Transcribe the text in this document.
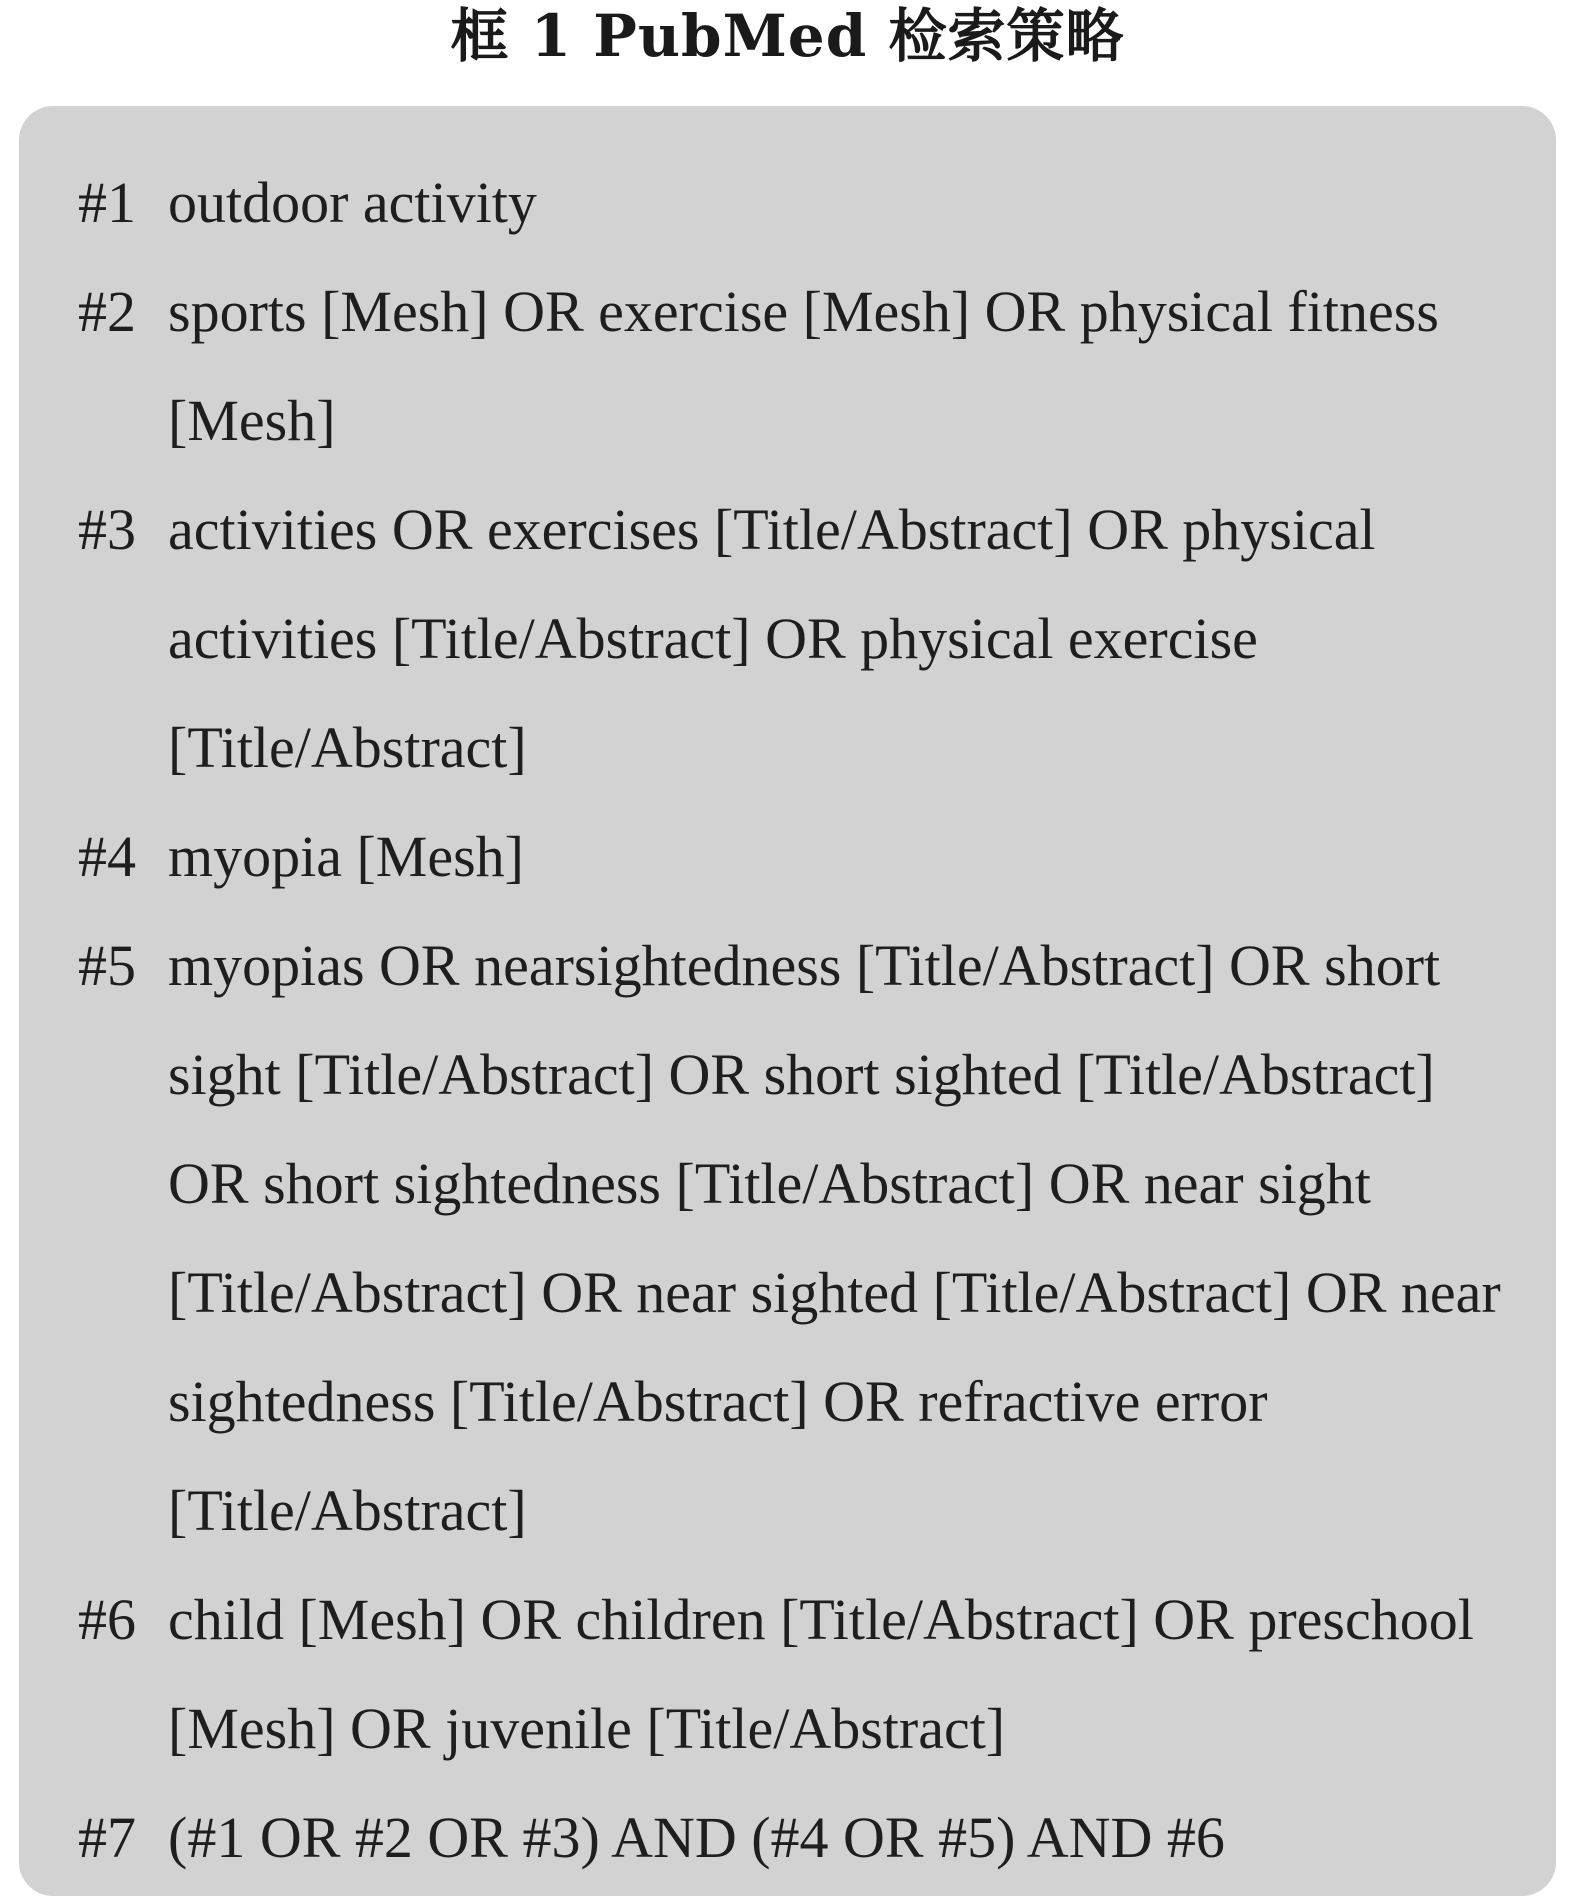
框 1 PubMed 检索策略
#1 outdoor activity
#2 sports [Mesh] OR exercise [Mesh] OR physical fitness [Mesh]
#3 activities OR exercises [Title/Abstract] OR physical activities [Title/Abstract] OR physical exercise [Title/Abstract]
#4 myopia [Mesh]
#5 myopias OR nearsightedness [Title/Abstract] OR short sight [Title/Abstract] OR short sighted [Title/Abstract] OR short sightedness [Title/Abstract] OR near sight [Title/Abstract] OR near sighted [Title/Abstract] OR near sightedness [Title/Abstract] OR refractive error [Title/Abstract]
#6 child [Mesh] OR children [Title/Abstract] OR preschool [Mesh] OR juvenile [Title/Abstract]
#7 (#1 OR #2 OR #3) AND (#4 OR #5) AND #6
